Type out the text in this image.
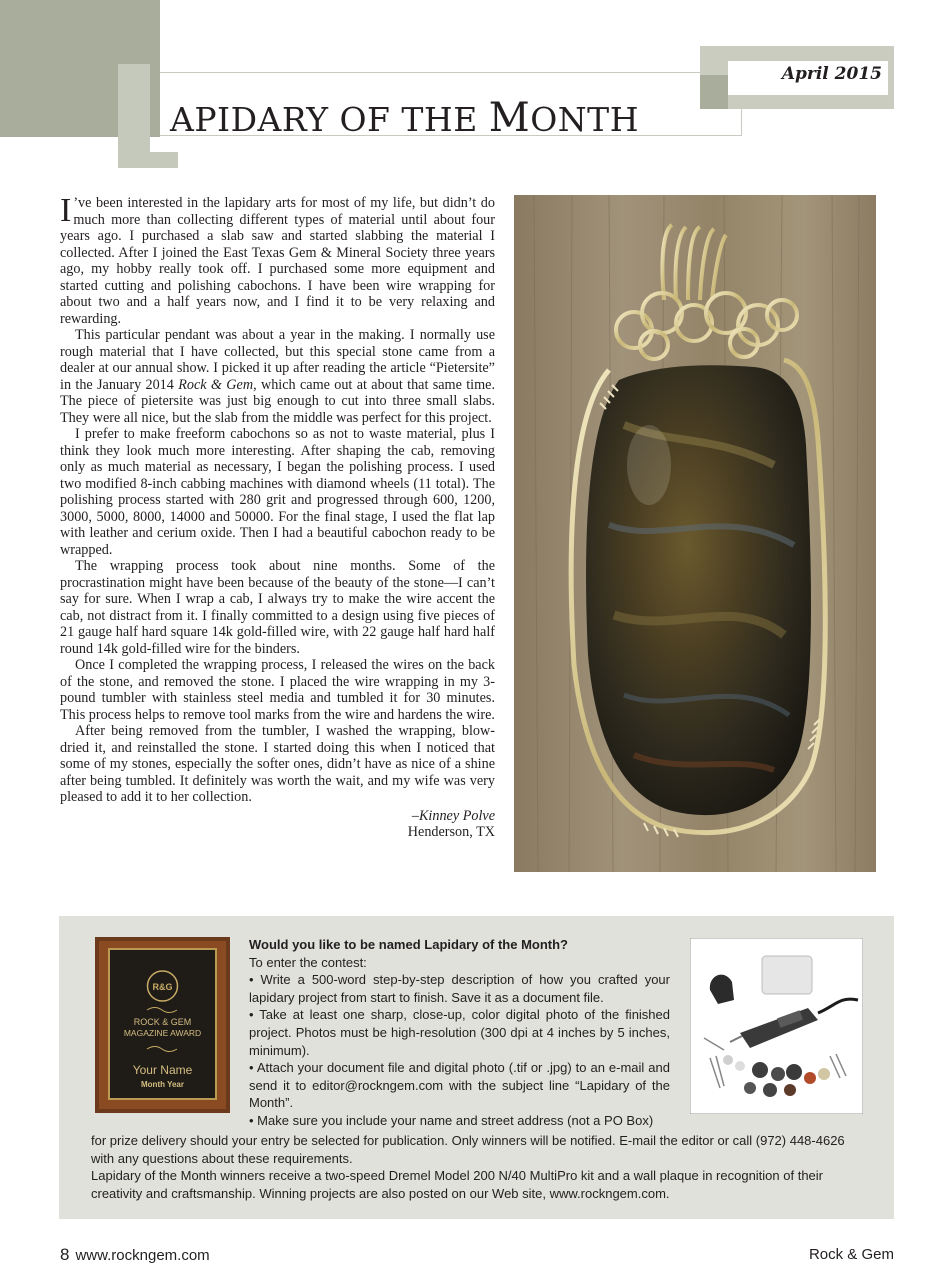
APIDARY OF THE MONTH
April 2015

I ’ve been interested in the lapidary arts for most of my life, but didn’t do much more than collecting different types of material until about four years ago. I purchased a slab saw and started slabbing the material I collected. After I joined the East Texas Gem & Mineral Society three years ago, my hobby really took off. I purchased some more equipment and started cutting and polishing cabochons. I have been wire wrapping for about two and a half years now, and I find it to be very relaxing and rewarding.

This particular pendant was about a year in the making. I normally use rough material that I have collected, but this special stone came from a dealer at our annual show. I picked it up after reading the article “Pietersite” in the January 2014 Rock & Gem, which came out at about that same time. The piece of pietersite was just big enough to cut into three small slabs. They were all nice, but the slab from the middle was perfect for this project.

I prefer to make freeform cabochons so as not to waste material, plus I think they look much more interesting. After shaping the cab, removing only as much material as necessary, I began the polishing process. I used two modified 8-inch cabbing machines with diamond wheels (11 total). The polishing process started with 280 grit and progressed through 600, 1200, 3000, 5000, 8000, 14000 and 50000. For the final stage, I used the flat lap with leather and cerium oxide. Then I had a beautiful cabochon ready to be wrapped.

The wrapping process took about nine months. Some of the procrastination might have been because of the beauty of the stone—I can’t say for sure. When I wrap a cab, I always try to make the wire accent the cab, not distract from it. I finally committed to a design using five pieces of 21 gauge half hard square 14k gold-filled wire, with 22 gauge half hard half round 14k gold-filled wire for the binders.

Once I completed the wrapping process, I released the wires on the back of the stone, and removed the stone. I placed the wire wrapping in my 3-pound tumbler with stainless steel media and tumbled it for 30 minutes. This process helps to remove tool marks from the wire and hardens the wire.

After being removed from the tumbler, I washed the wrapping, blow-dried it, and reinstalled the stone. I started doing this when I noticed that some of my stones, especially the softer ones, didn’t have as nice of a shine after being tumbled. It definitely was worth the wait, and my wife was very pleased to add it to her collection.

–Kinney Polve
Henderson, TX
R&G
ROCK & GEM
MAGAZINE AWARD
Your Name
Month Year
Would you like to be named Lapidary of the Month?
To enter the contest:
• Write a 500-word step-by-step description of how you crafted your lapidary project from start to finish. Save it as a document file.
• Take at least one sharp, close-up, color digital photo of the finished project. Photos must be high-resolution (300 dpi at 4 inches by 5 inches, minimum).
• Attach your document file and digital photo (.tif or .jpg) to an e-mail and send it to editor@rockngem.com with the subject line “Lapidary of the Month”.
• Make sure you include your name and street address (not a PO Box)
for prize delivery should your entry be selected for publication. Only winners will be notified. E-mail the editor or call (972) 448-4626 with any questions about these requirements.
Lapidary of the Month winners receive a two-speed Dremel Model 200 N/40 MultiPro kit and a wall plaque in recognition of their creativity and craftsmanship. Winning projects are also posted on our Web site, www.rockngem.com.
8 www.rockngem.com	Rock & Gem
